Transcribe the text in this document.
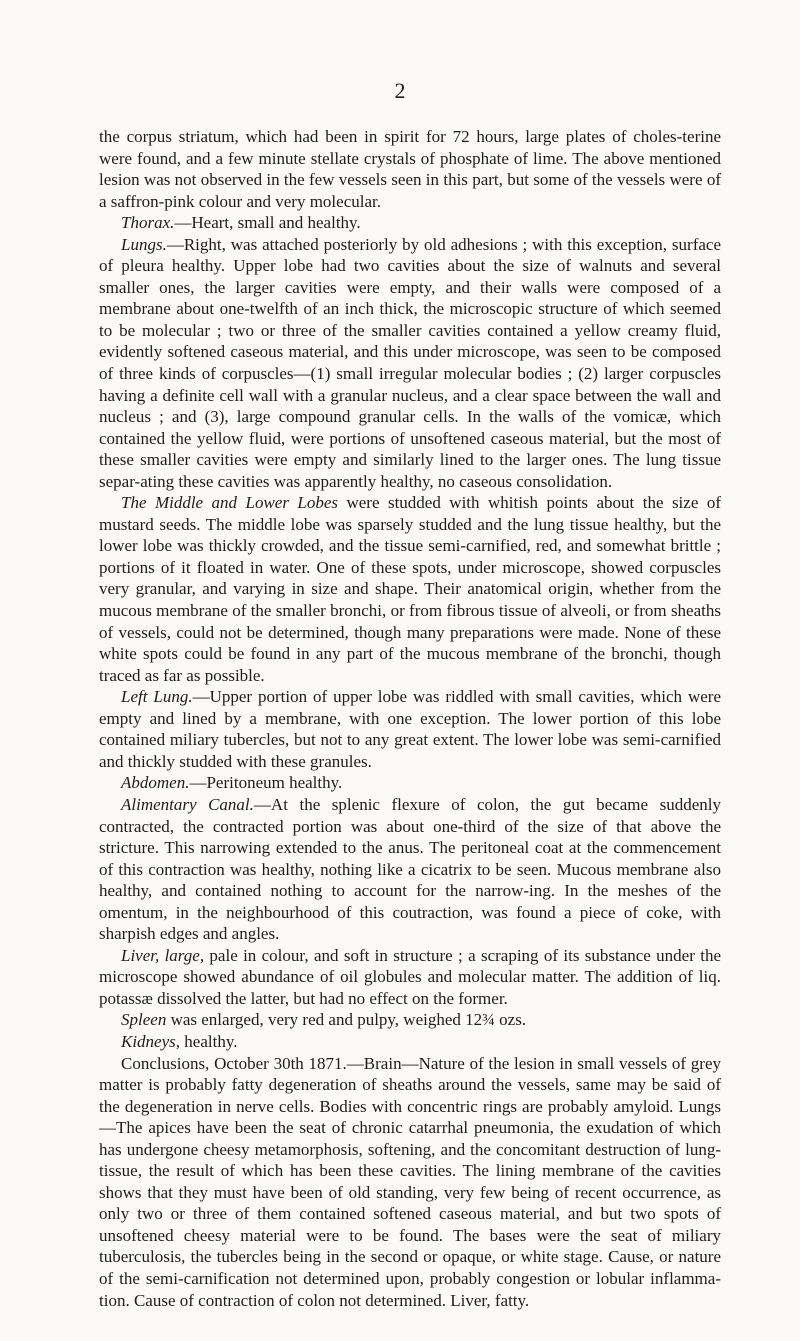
2

the corpus striatum, which had been in spirit for 72 hours, large plates of choles-terine were found, and a few minute stellate crystals of phosphate of lime. The above mentioned lesion was not observed in the few vessels seen in this part, but some of the vessels were of a saffron-pink colour and very molecular.

Thorax.—Heart, small and healthy.

Lungs.—Right, was attached posteriorly by old adhesions ; with this exception, surface of pleura healthy. Upper lobe had two cavities about the size of walnuts and several smaller ones, the larger cavities were empty, and their walls were composed of a membrane about one-twelfth of an inch thick, the microscopic structure of which seemed to be molecular ; two or three of the smaller cavities contained a yellow creamy fluid, evidently softened caseous material, and this under microscope, was seen to be composed of three kinds of corpuscles—(1) small irregular molecular bodies ; (2) larger corpuscles having a definite cell wall with a granular nucleus, and a clear space between the wall and nucleus ; and (3), large compound granular cells. In the walls of the vomicæ, which contained the yellow fluid, were portions of unsoftened caseous material, but the most of these smaller cavities were empty and similarly lined to the larger ones. The lung tissue separ-ating these cavities was apparently healthy, no caseous consolidation.

The Middle and Lower Lobes were studded with whitish points about the size of mustard seeds. The middle lobe was sparsely studded and the lung tissue healthy, but the lower lobe was thickly crowded, and the tissue semi-carnified, red, and somewhat brittle ; portions of it floated in water. One of these spots, under microscope, showed corpuscles very granular, and varying in size and shape. Their anatomical origin, whether from the mucous membrane of the smaller bronchi, or from fibrous tissue of alveoli, or from sheaths of vessels, could not be determined, though many preparations were made. None of these white spots could be found in any part of the mucous membrane of the bronchi, though traced as far as possible.

Left Lung.—Upper portion of upper lobe was riddled with small cavities, which were empty and lined by a membrane, with one exception. The lower portion of this lobe contained miliary tubercles, but not to any great extent. The lower lobe was semi-carnified and thickly studded with these granules.

Abdomen.—Peritoneum healthy.

Alimentary Canal.—At the splenic flexure of colon, the gut became suddenly contracted, the contracted portion was about one-third of the size of that above the stricture. This narrowing extended to the anus. The peritoneal coat at the commencement of this contraction was healthy, nothing like a cicatrix to be seen. Mucous membrane also healthy, and contained nothing to account for the narrow-ing. In the meshes of the omentum, in the neighbourhood of this coutraction, was found a piece of coke, with sharpish edges and angles.

Liver, large, pale in colour, and soft in structure ; a scraping of its substance under the microscope showed abundance of oil globules and molecular matter. The addition of liq. potassæ dissolved the latter, but had no effect on the former.

Spleen was enlarged, very red and pulpy, weighed 12¾ ozs.

Kidneys, healthy.

Conclusions, October 30th 1871.—Brain—Nature of the lesion in small vessels of grey matter is probably fatty degeneration of sheaths around the vessels, same may be said of the degeneration in nerve cells. Bodies with concentric rings are probably amyloid. Lungs—The apices have been the seat of chronic catarrhal pneumonia, the exudation of which has undergone cheesy metamorphosis, softening, and the concomitant destruction of lung-tissue, the result of which has been these cavities. The lining membrane of the cavities shows that they must have been of old standing, very few being of recent occurrence, as only two or three of them contained softened caseous material, and but two spots of unsoftened cheesy material were to be found. The bases were the seat of miliary tuberculosis, the tubercles being in the second or opaque, or white stage. Cause, or nature of the semi-carnification not determined upon, probably congestion or lobular inflamma-tion. Cause of contraction of colon not determined. Liver, fatty.
